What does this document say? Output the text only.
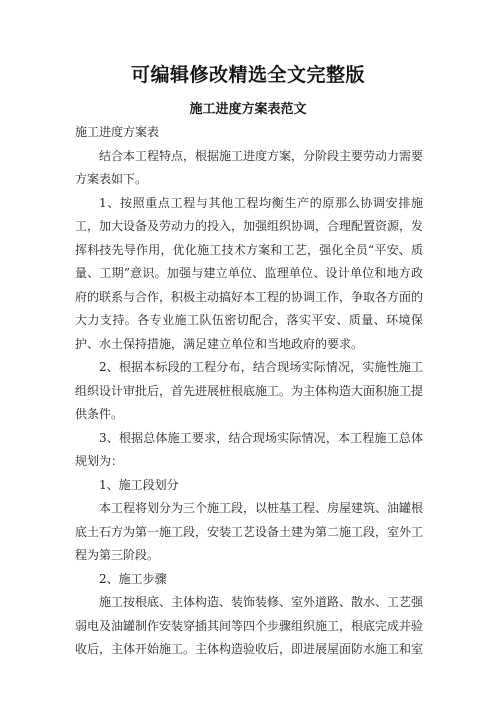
可编辑修改精选全文完整版
施工进度方案表范文

施工进度方案表

结合本工程特点，根据施工进度方案，分阶段主要劳动力需要方案表如下。

1、按照重点工程与其他工程均衡生产的原那么协调安排施工，加大设备及劳动力的投入，加强组织协调，合理配置资源，发挥科技先导作用，优化施工技术方案和工艺，强化全员“平安、质量、工期”意识。加强与建立单位、监理单位、设计单位和地方政府的联系与合作，积极主动搞好本工程的协调工作，争取各方面的大力支持。各专业施工队伍密切配合，落实平安、质量、环境保护、水土保持措施，满足建立单位和当地政府的要求。

2、根据本标段的工程分布，结合现场实际情况，实施性施工组织设计审批后，首先进展桩根底施工。为主体构造大面积施工提供条件。

3、根据总体施工要求，结合现场实际情况，本工程施工总体规划为：

1、施工段划分

本工程将划分为三个施工段，以桩基工程、房屋建筑、油罐根底土石方为第一施工段，安装工艺设备土建为第二施工段，室外工程为第三阶段。

2、施工步骤

施工按根底、主体构造、装饰装修、室外道路、散水、工艺强弱电及油罐制作安装穿插其间等四个步骤组织施工，根底完成并验收后，主体开始施工。主体构造验收后，即进展屋面防水施工和室
